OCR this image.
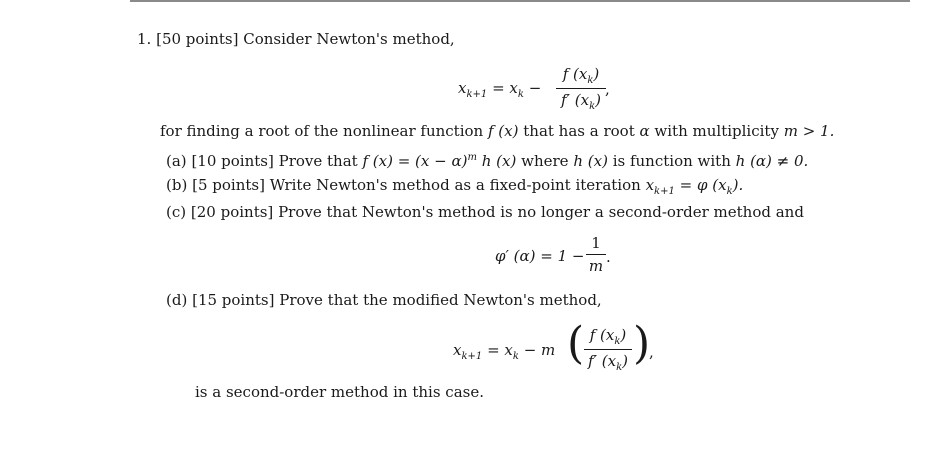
1. [50 points] Consider Newton's method,
$x_{k+1} = x_k$ −
f $(x_k)$
f′ $(x_k)$
,
for finding a root of the nonlinear function f (x) that has a root α with multiplicity m > 1.
(a) [10 points] Prove that f $(x) = (x - \alpha)^m$ h (x) where h (x) is function with h (α) ≠ 0.
(b) [5 points] Write Newton's method as a fixed-point iteration $x_{k+1} = \varphi$ $(x_k)$.
(c) [20 points] Prove that Newton's method is no longer a second-order method and
φ′ (α) = 1 −
1
m .
(d) [15 points] Prove that the modified Newton's method,
$x_{k+1} = x_k - m$ ( f $(x_k)$
f′ $(x_k)$ )
,
is a second-order method in this case.
